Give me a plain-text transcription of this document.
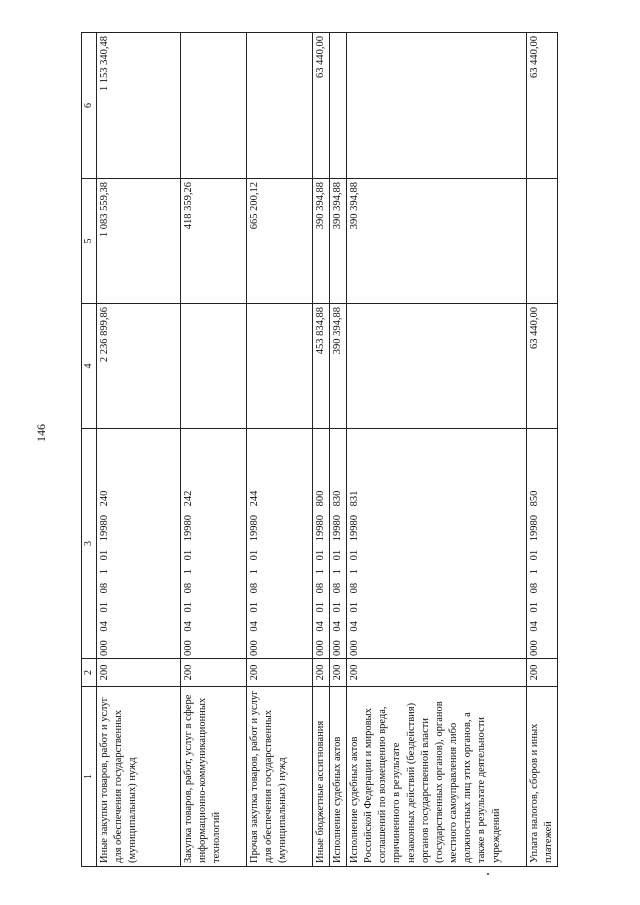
146
1	2	3	4	5	6
Иные закупки товаров, работ и услуг для обеспечения государственных (муниципальных) нужд	200	000 04 01 08 1 01 19980 240	2 236 899,86	1 083 559,38	1 153 340,48
Закупка товаров, работ, услуг в сфере информационно-коммуникационных технологий	200	000 04 01 08 1 01 19980 242		418 359,26	
Прочая закупка товаров, работ и услуг для обеспечения государственных (муниципальных) нужд	200	000 04 01 08 1 01 19980 244		665 200,12	
Иные бюджетные ассигнования	200	000 04 01 08 1 01 19980 800	453 834,88	390 394,88	63 440,00
Исполнение судебных актов	200	000 04 01 08 1 01 19980 830	390 394,88	390 394,88	
Исполнение судебных актов Российской Федерации и мировых соглашений по возмещению вреда, причиненного в результате незаконных действий (бездействия) органов государственной власти (государственных органов), органов местного самоуправления либо должностных лиц этих органов, а также в результате деятельности учреждений	200	000 04 01 08 1 01 19980 831		390 394,88	
Уплата налогов, сборов и иных платежей	200	000 04 01 08 1 01 19980 850	63 440,00		63 440,00
